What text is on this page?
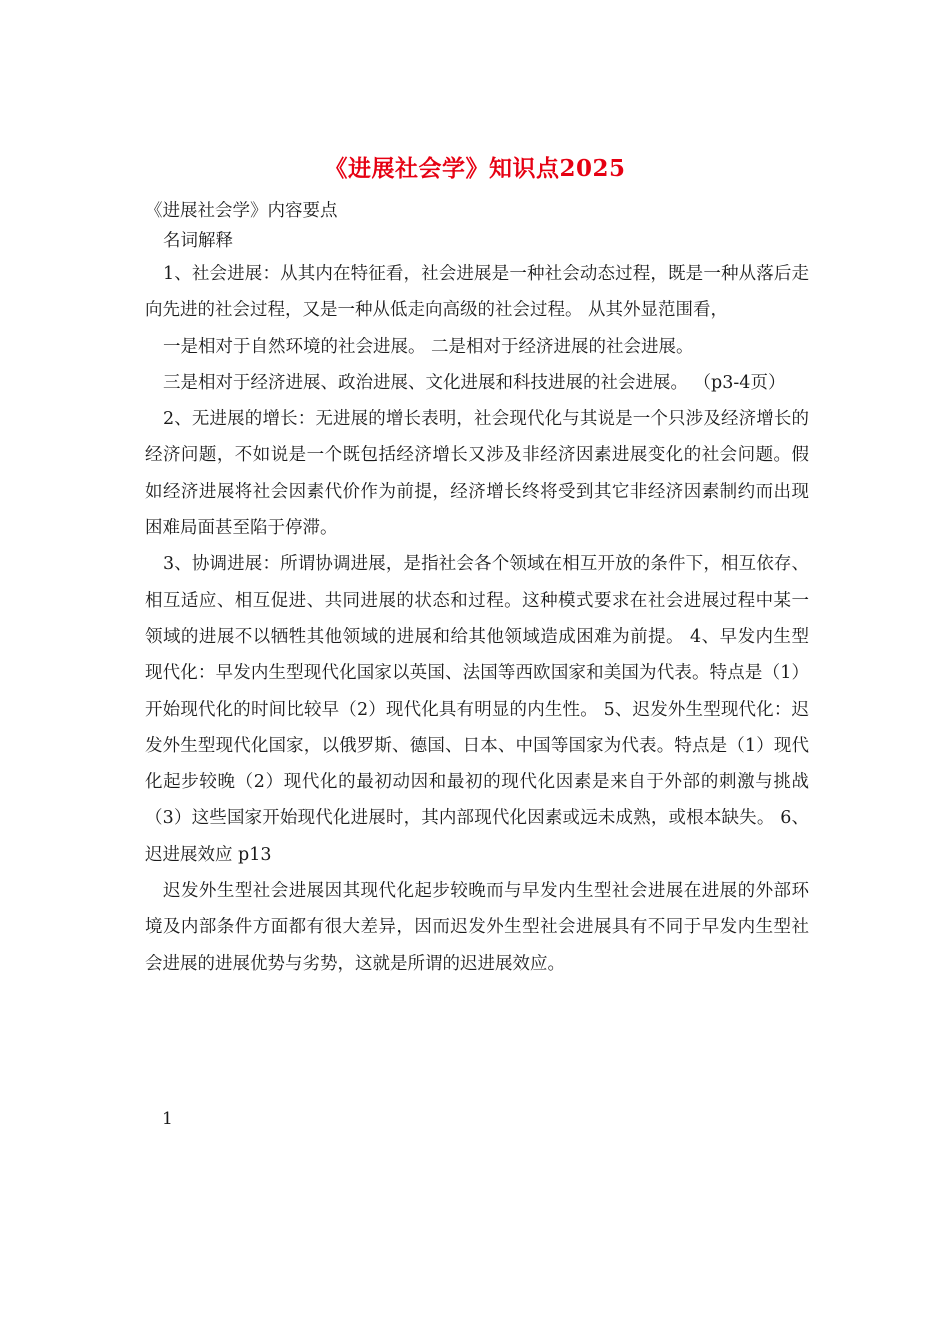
《进展社会学》知识点2025

《进展社会学》内容要点

名词解释

1、社会进展：从其内在特征看，社会进展是一种社会动态过程，既是一种从落后走向先进的社会过程，又是一种从低走向高级的社会过程。 从其外显范围看，

一是相对于自然环境的社会进展。 二是相对于经济进展的社会进展。

三是相对于经济进展、政治进展、文化进展和科技进展的社会进展。 （p3-4页）

2、无进展的增长：无进展的增长表明，社会现代化与其说是一个只涉及经济增长的经济问题，不如说是一个既包括经济增长又涉及非经济因素进展变化的社会问题。假如经济进展将社会因素代价作为前提，经济增长终将受到其它非经济因素制约而出现困难局面甚至陷于停滞。

3、协调进展：所谓协调进展，是指社会各个领域在相互开放的条件下，相互依存、相互适应、相互促进、共同进展的状态和过程。这种模式要求在社会进展过程中某一领域的进展不以牺牲其他领域的进展和给其他领域造成困难为前提。 4、早发内生型现代化：早发内生型现代化国家以英国、法国等西欧国家和美国为代表。特点是（1）开始现代化的时间比较早（2）现代化具有明显的内生性。 5、迟发外生型现代化：迟发外生型现代化国家，以俄罗斯、德国、日本、中国等国家为代表。特点是（1）现代化起步较晚（2）现代化的最初动因和最初的现代化因素是来自于外部的刺激与挑战（3）这些国家开始现代化进展时，其内部现代化因素或远未成熟，或根本缺失。 6、迟进展效应 p13

迟发外生型社会进展因其现代化起步较晚而与早发内生型社会进展在进展的外部环境及内部条件方面都有很大差异，因而迟发外生型社会进展具有不同于早发内生型社会进展的进展优势与劣势，这就是所谓的迟进展效应。

1
